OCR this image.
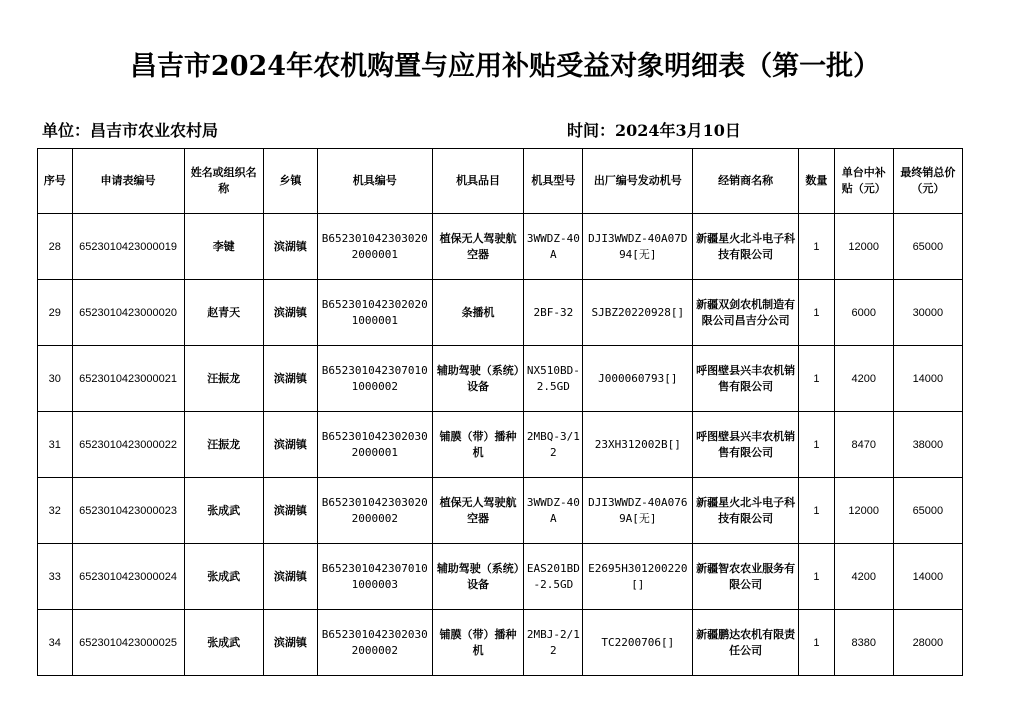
昌吉市2024年农机购置与应用补贴受益对象明细表（第一批）
单位：昌吉市农业农村局	时间：2024年3月10日
序号	申请表编号	姓名或组织名称	乡镇	机具编号	机具品目	机具型号	出厂编号发动机号	经销商名称	数量	单台中补贴（元）	最终销总价（元）
28	6523010423000019	李键	滨湖镇	B6523010423030202000001	植保无人驾驶航空器	3WWDZ-40A	DJI3WWDZ-40A07D94[无]	新疆星火北斗电子科技有限公司	1	12000	65000
29	6523010423000020	赵青天	滨湖镇	B6523010423020201000001	条播机	2BF-32	SJBZ20220928[]	新疆双剑农机制造有限公司昌吉分公司	1	6000	30000
30	6523010423000021	汪振龙	滨湖镇	B6523010423070101000002	辅助驾驶（系统）设备	NX510BD-2.5GD	J000060793[]	呼图壁县兴丰农机销售有限公司	1	4200	14000
31	6523010423000022	汪振龙	滨湖镇	B6523010423020302000001	铺膜（带）播种机	2MBQ-3/12	23XH312002B[]	呼图壁县兴丰农机销售有限公司	1	8470	38000
32	6523010423000023	张成武	滨湖镇	B6523010423030202000002	植保无人驾驶航空器	3WWDZ-40A	DJI3WWDZ-40A0769A[无]	新疆星火北斗电子科技有限公司	1	12000	65000
33	6523010423000024	张成武	滨湖镇	B6523010423070101000003	辅助驾驶（系统）设备	EAS201BD-2.5GD	E2695H301200220[]	新疆智农农业服务有限公司	1	4200	14000
34	6523010423000025	张成武	滨湖镇	B6523010423020302000002	铺膜（带）播种机	2MBJ-2/12	TC2200706[]	新疆鹏达农机有限责任公司	1	8380	28000
